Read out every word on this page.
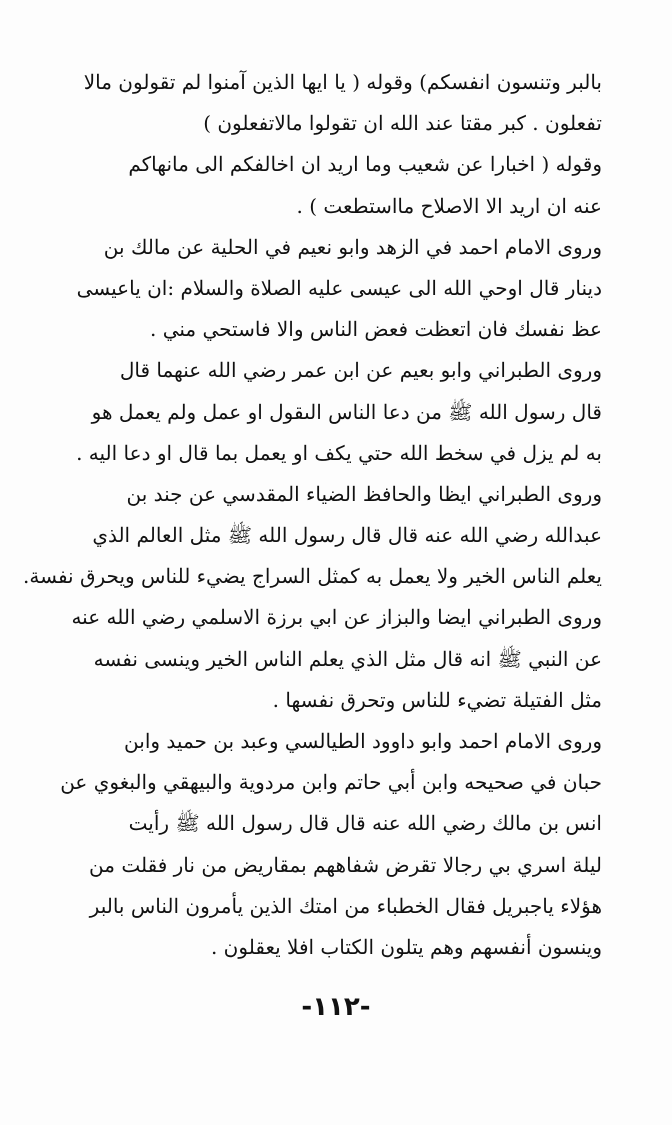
بالبر وتنسون انفسكم) وقوله ( يا ايها الذين آمنوا لم تقولون مالا
تفعلون . كبر مقتا عند الله ان تقولوا مالاتفعلون )
وقوله ( اخبارا عن شعيب وما اريد ان اخالفكم الى مانهاكم
عنه ان اريد الا الاصلاح مااستطعت ) .
وروى الامام احمد في الزهد وابو نعيم في الحلية عن مالك بن
دينار قال اوحي الله الى عيسى عليه الصلاة والسلام :ان ياعيسى
عظ نفسك فان اتعظت فعض الناس والا فاستحي مني .
وروى الطبراني وابو بعيم عن ابن عمر رضي الله عنهما قال
قال رسول الله ﷺ من دعا الناس الىقول او عمل ولم يعمل هو
به لم يزل في سخط الله حتي يكف او يعمل بما قال او دعا اليه .
وروى الطبراني ايظا والحافظ الضياء المقدسي عن جند بن
عبدالله رضي الله عنه قال قال رسول الله ﷺ مثل العالم الذي
يعلم الناس الخير ولا يعمل به كمثل السراج يضيء للناس ويحرق نفسة.
وروى الطبراني ايضا والبزاز عن ابي برزة الاسلمي رضي الله عنه
عن النبي ﷺ انه قال مثل الذي يعلم الناس الخير وينسى نفسه
مثل الفتيلة تضيء للناس وتحرق نفسها .
وروى الامام احمد وابو داوود الطيالسي وعبد بن حميد وابن
حبان في صحيحه وابن أبي حاتم وابن مردوية والبيهقي والبغوي عن
انس بن مالك رضي الله عنه قال قال رسول الله ﷺ رأيت
ليلة اسري بي رجالا تقرض شفاههم بمقاريض من نار فقلت من
هؤلاء ياجبريل فقال الخطباء من امتك الذين يأمرون الناس بالبر
وينسون أنفسهم وهم يتلون الكتاب افلا يعقلون .
-١١٢-
